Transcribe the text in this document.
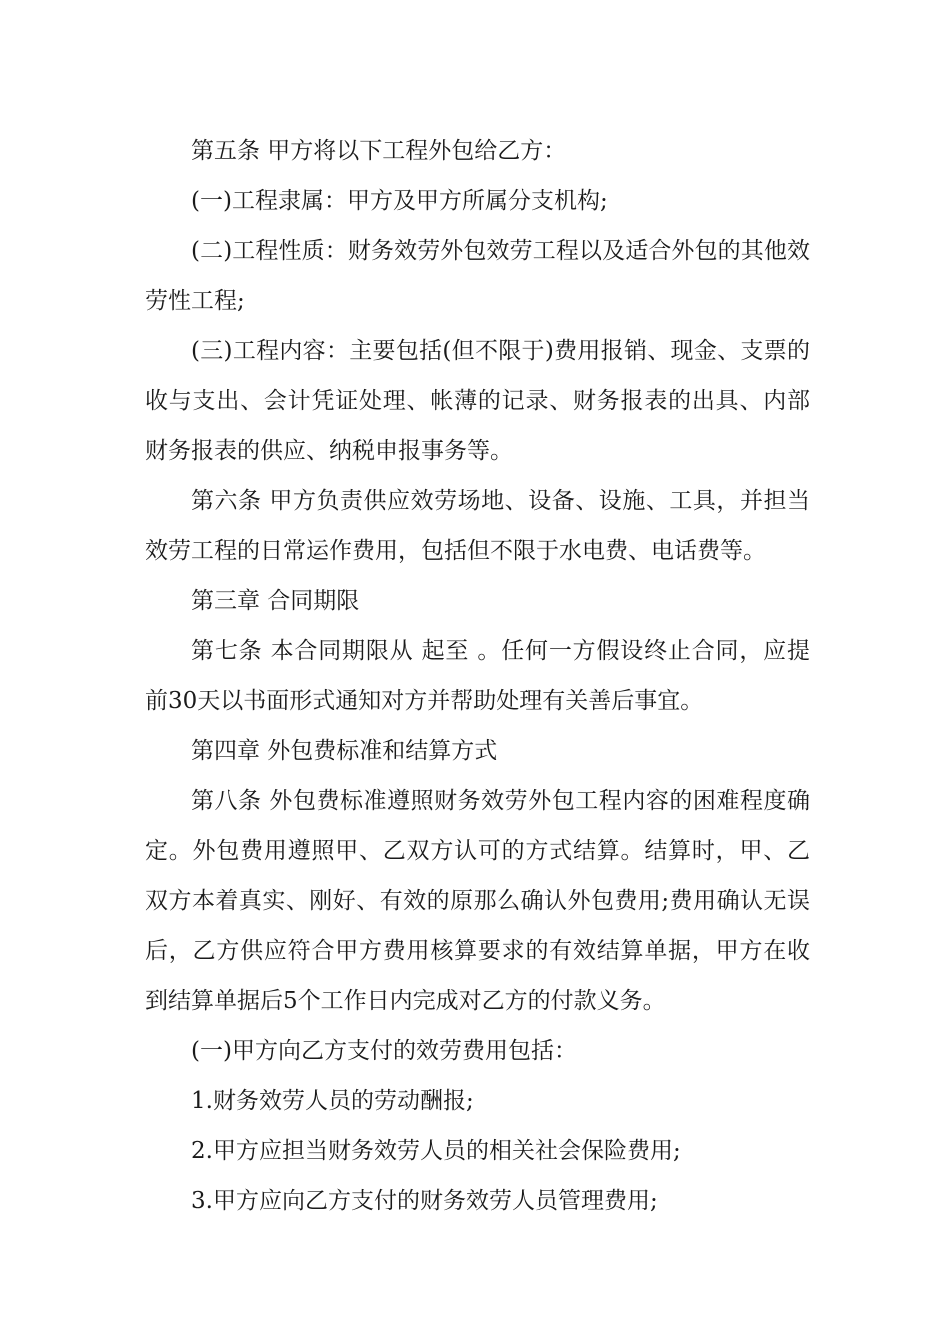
第五条 甲方将以下工程外包给乙方：

(一)工程隶属：甲方及甲方所属分支机构;

(二)工程性质：财务效劳外包效劳工程以及适合外包的其他效劳性工程;

(三)工程内容：主要包括(但不限于)费用报销、现金、支票的收与支出、会计凭证处理、帐薄的记录、财务报表的出具、内部财务报表的供应、纳税申报事务等。

第六条 甲方负责供应效劳场地、设备、设施、工具，并担当效劳工程的日常运作费用，包括但不限于水电费、电话费等。

第三章 合同期限

第七条 本合同期限从 起至 。任何一方假设终止合同，应提前30天以书面形式通知对方并帮助处理有关善后事宜。

第四章 外包费标准和结算方式

第八条 外包费标准遵照财务效劳外包工程内容的困难程度确定。外包费用遵照甲、乙双方认可的方式结算。结算时，甲、乙双方本着真实、刚好、有效的原那么确认外包费用;费用确认无误后，乙方供应符合甲方费用核算要求的有效结算单据，甲方在收到结算单据后5个工作日内完成对乙方的付款义务。

(一)甲方向乙方支付的效劳费用包括：

1.财务效劳人员的劳动酬报;

2.甲方应担当财务效劳人员的相关社会保险费用;

3.甲方应向乙方支付的财务效劳人员管理费用;
